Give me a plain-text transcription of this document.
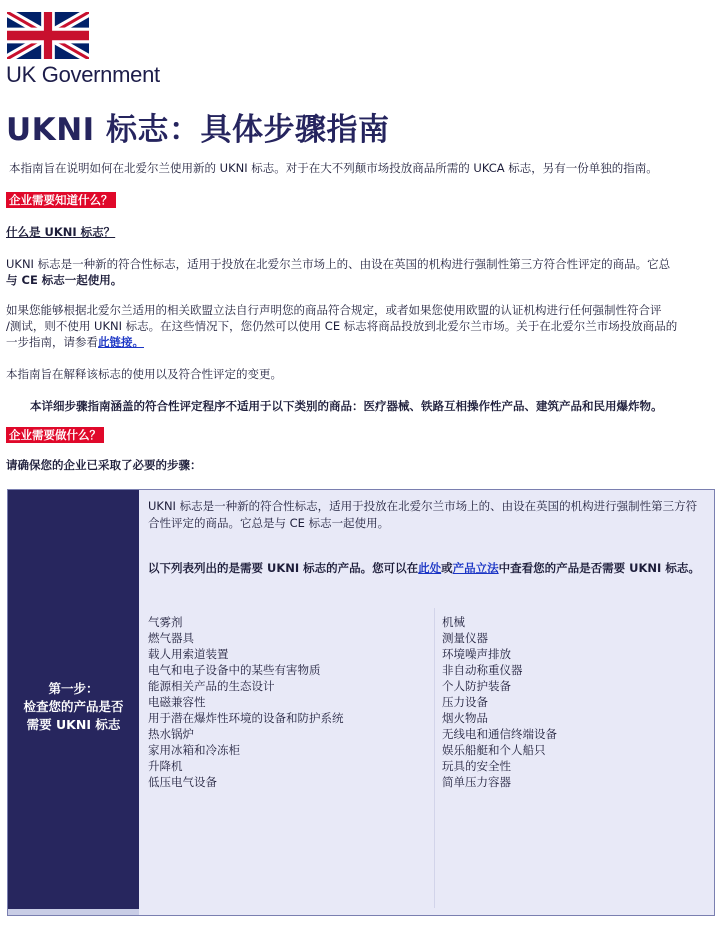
UK Government
UKNI 标志：具体步骤指南

本指南旨在说明如何在北爱尔兰使用新的 UKNI 标志。对于在大不列颠市场投放商品所需的 UKCA 标志，另有一份单独的指南。

企业需要知道什么？

什么是 UKNI 标志？

UKNI 标志是一种新的符合性标志，适用于投放在北爱尔兰市场上的、由设在英国的机构进行强制性第三方符合性评定的商品。它总

与 CE 标志一起使用。

如果您能够根据北爱尔兰适用的相关欧盟立法自行声明您的商品符合规定，或者如果您使用欧盟的认证机构进行任何强制性符合评

/测试，则不使用 UKNI 标志。在这些情况下，您仍然可以使用 CE 标志将商品投放到北爱尔兰市场。关于在北爱尔兰市场投放商品的

一步指南，请参看此链接。

本指南旨在解释该标志的使用以及符合性评定的变更。

本详细步骤指南涵盖的符合性评定程序不适用于以下类别的商品：医疗器械、铁路互相操作性产品、建筑产品和民用爆炸物。

企业需要做什么？

请确保您的企业已采取了必要的步骤：

第一步：
检查您的产品是否
需要 UKNI 标志

UKNI 标志是一种新的符合性标志，适用于投放在北爱尔兰市场上的、由设在英国的机构进行强制性第三方符合性评定的商品。它总是与 CE 标志一起使用。

以下列表列出的是需要 UKNI 标志的产品。您可以在此处或产品立法中查看您的产品是否需要 UKNI 标志。

气雾剂
燃气器具
载人用索道装置
电气和电子设备中的某些有害物质
能源相关产品的生态设计
电磁兼容性
用于潜在爆炸性环境的设备和防护系统
热水锅炉
家用冰箱和冷冻柜
升降机
低压电气设备
机械
测量仪器
环境噪声排放
非自动称重仪器
个人防护装备
压力设备
烟火物品
无线电和通信终端设备
娱乐船艇和个人船只
玩具的安全性
简单压力容器
